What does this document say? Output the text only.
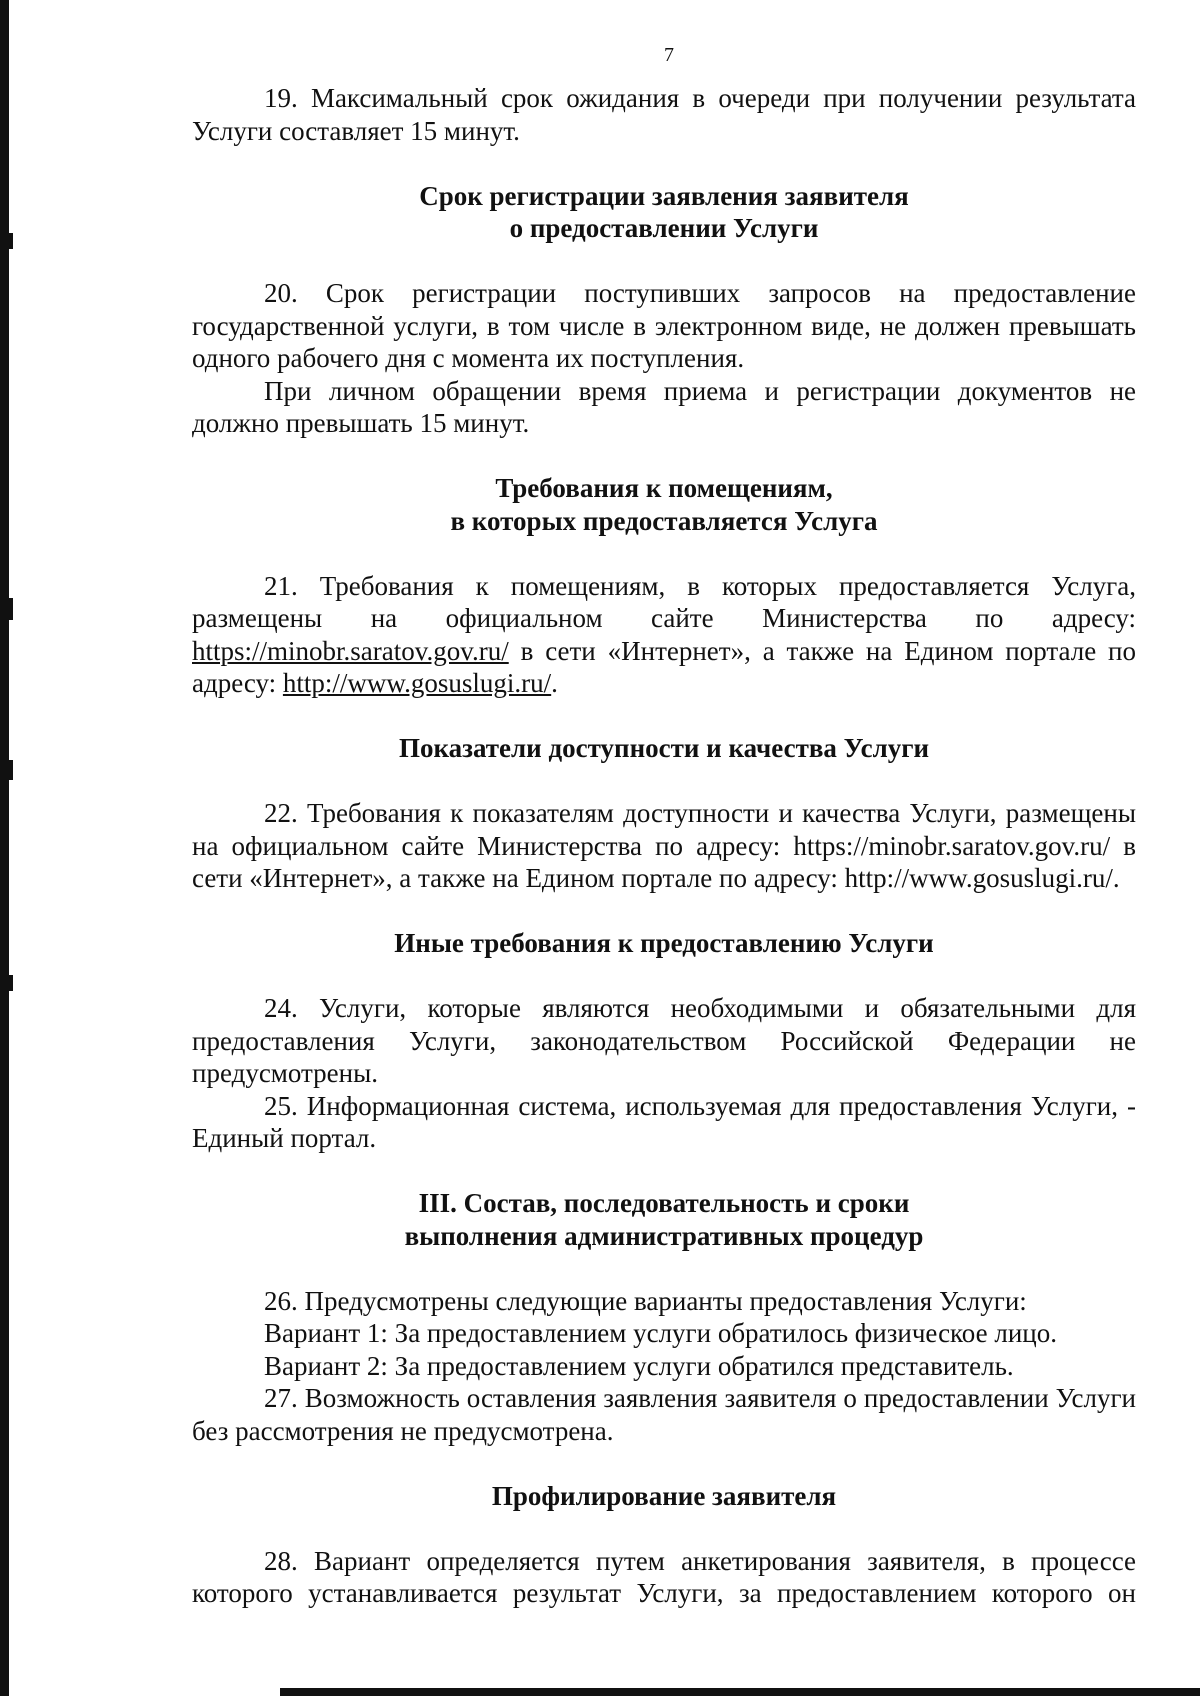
7

19. Максимальный срок ожидания в очереди при получении результата Услуги составляет 15 минут.

Срок регистрации заявления заявителя
о предоставлении Услуги

20. Срок регистрации поступивших запросов на предоставление государственной услуги, в том числе в электронном виде, не должен превышать одного рабочего дня с момента их поступления.

При личном обращении время приема и регистрации документов не должно превышать 15 минут.

Требования к помещениям,
в которых предоставляется Услуга

21. Требования к помещениям, в которых предоставляется Услуга, размещены на официальном сайте Министерства по адресу: https://minobr.saratov.gov.ru/ в сети «Интернет», а также на Едином портале по адресу: http://www.gosuslugi.ru/.

Показатели доступности и качества Услуги

22. Требования к показателям доступности и качества Услуги, размещены на официальном сайте Министерства по адресу: https://minobr.saratov.gov.ru/ в сети «Интернет», а также на Едином портале по адресу: http://www.gosuslugi.ru/.

Иные требования к предоставлению Услуги

24. Услуги, которые являются необходимыми и обязательными для предоставления Услуги, законодательством Российской Федерации не предусмотрены.

25. Информационная система, используемая для предоставления Услуги, - Единый портал.

III. Состав, последовательность и сроки
выполнения административных процедур

26. Предусмотрены следующие варианты предоставления Услуги:

Вариант 1: За предоставлением услуги обратилось физическое лицо.

Вариант 2: За предоставлением услуги обратился представитель.

27. Возможность оставления заявления заявителя о предоставлении Услуги без рассмотрения не предусмотрена.

Профилирование заявителя

28. Вариант определяется путем анкетирования заявителя, в процессе которого устанавливается результат Услуги, за предоставлением которого он
